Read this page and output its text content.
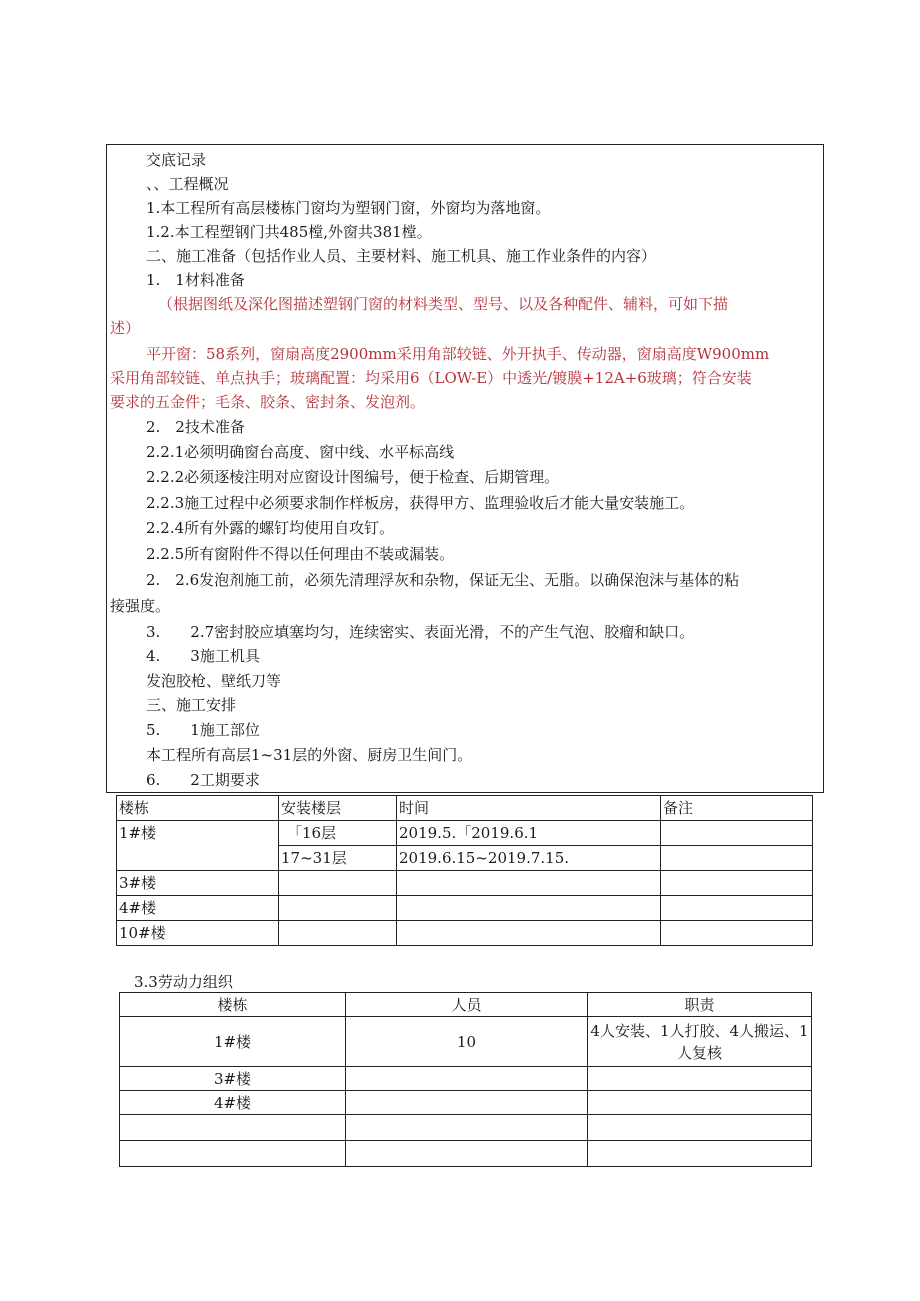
交底记录
、、工程概况
1.本工程所有高层楼栋门窗均为塑钢门窗，外窗均为落地窗。
1.2.本工程塑钢门共485樘,外窗共381樘。
二、施工准备（包括作业人员、主要材料、施工机具、施工作业条件的内容）
1.　1材料准备
（根据图纸及深化图描述塑钢门窗的材料类型、型号、以及各种配件、辅料，可如下描
述）
平开窗：58系列，窗扇高度2900mm采用角部较链、外开执手、传动器，窗扇高度W900mm
采用角部较链、单点执手；玻璃配置：均采用6（LOW-E）中透光/镀膜+12A+6玻璃；符合安装
要求的五金件；毛条、胶条、密封条、发泡剂。
2.　2技术准备
2.2.1必须明确窗台高度、窗中线、水平标高线
2.2.2必须逐棱注明对应窗设计图编号，便于检查、后期管理。
2.2.3施工过程中必须要求制作样板房，获得甲方、监理验收后才能大量安装施工。
2.2.4所有外露的螺钉均使用自攻钉。
2.2.5所有窗附件不得以任何理由不装或漏装。
2.　2.6发泡剂施工前，必须先清理浮灰和杂物，保证无尘、无脂。以确保泡沫与基体的粘
接强度。
3.　　2.7密封胶应填塞均匀，连续密实、表面光滑，不的产生气泡、胶瘤和缺口。
4.　　3施工机具
发泡胶枪、壁纸刀等
三、施工安排
5.　　1施工部位
本工程所有高层1~31层的外窗、厨房卫生间门。
6.　　2工期要求
楼栋	安装楼层	时间	备注
1#楼	「16层	2019.5.「2019.6.1	
	17~31层	2019.6.15~2019.7.15.	
3#楼			
4#楼			
10#楼			
3.3劳动力组织
楼栋	人员	职责
1#楼	10	4人安装、1人打胶、4人搬运、1人复核
3#楼		
4#楼		
